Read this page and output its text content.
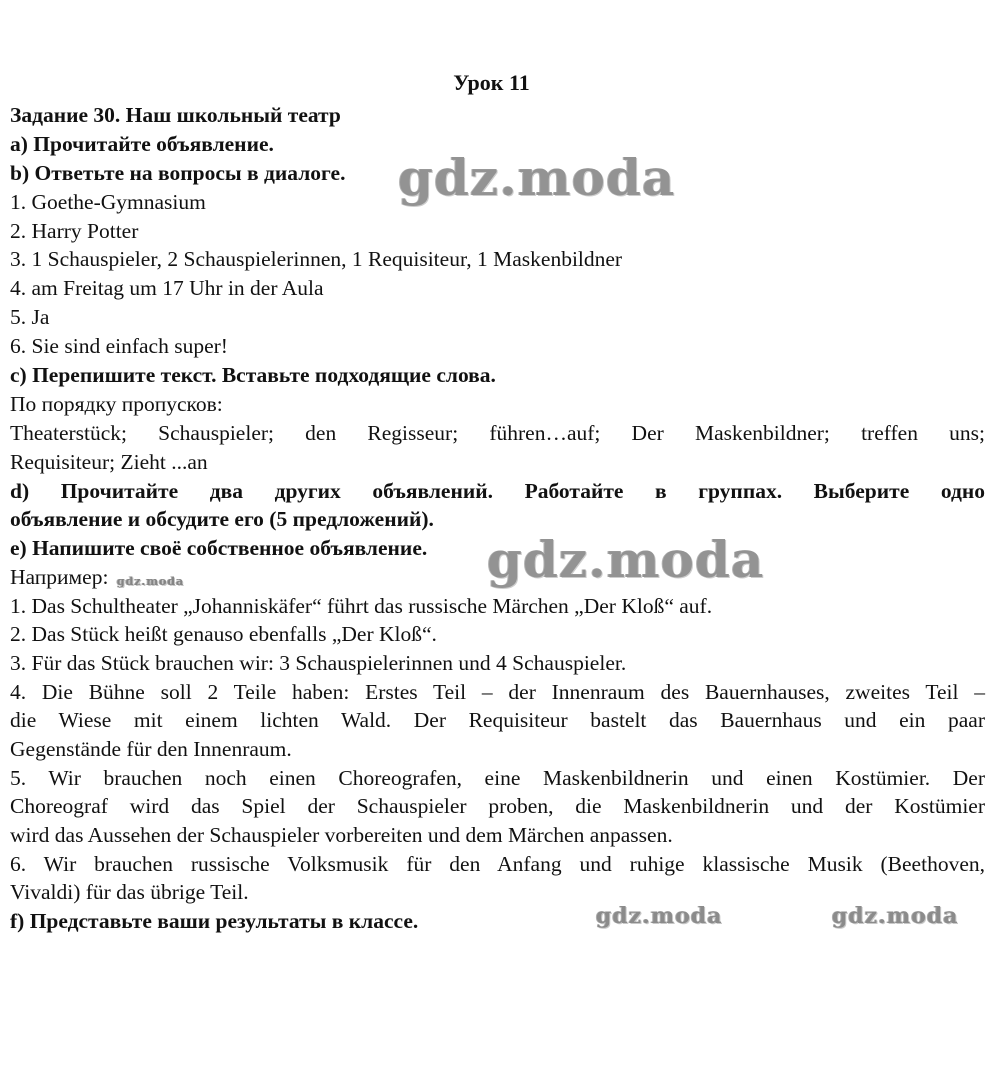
Урок 11
Задание 30. Наш школьный театр
a) Прочитайте объявление.
b) Ответьте на вопросы в диалоге.
1. Goethe-Gymnasium
2. Harry Potter
3. 1 Schauspieler, 2 Schauspielerinnen, 1 Requisiteur, 1 Maskenbildner
4. am Freitag um 17 Uhr in der Aula
5. Ja
6. Sie sind einfach super!
c) Перепишите текст. Вставьте подходящие слова.
По порядку пропусков:
Theaterstück; Schauspieler; den Regisseur; führen…auf; Der Maskenbildner; treffen uns;
Requisiteur; Zieht ...an
d) Прочитайте два других объявлений. Работайте в группах. Выберите одно
объявление и обсудите его (5 предложений).
e) Напишите своё собственное объявление.
Например:
1. Das Schultheater „Johanniskäfer“ führt das russische Märchen „Der Kloß“ auf.
2. Das Stück heißt genauso ebenfalls „Der Kloß“.
3. Für das Stück brauchen wir: 3 Schauspielerinnen und 4 Schauspieler.
4. Die Bühne soll 2 Teile haben: Erstes Teil – der Innenraum des Bauernhauses, zweites Teil –
die Wiese mit einem lichten Wald. Der Requisiteur bastelt das Bauernhaus und ein paar
Gegenstände für den Innenraum.
5. Wir brauchen noch einen Choreografen, eine Maskenbildnerin und einen Kostümier. Der
Choreograf wird das Spiel der Schauspieler proben, die Maskenbildnerin und der Kostümier
wird das Aussehen der Schauspieler vorbereiten und dem Märchen anpassen.
6. Wir brauchen russische Volksmusik für den Anfang und ruhige klassische Musik (Beethoven,
Vivaldi) für das übrige Teil.
f) Представьте ваши результаты в классе.
gdz.moda
gdz.moda
gdz.moda
gdz.moda	gdz.moda
